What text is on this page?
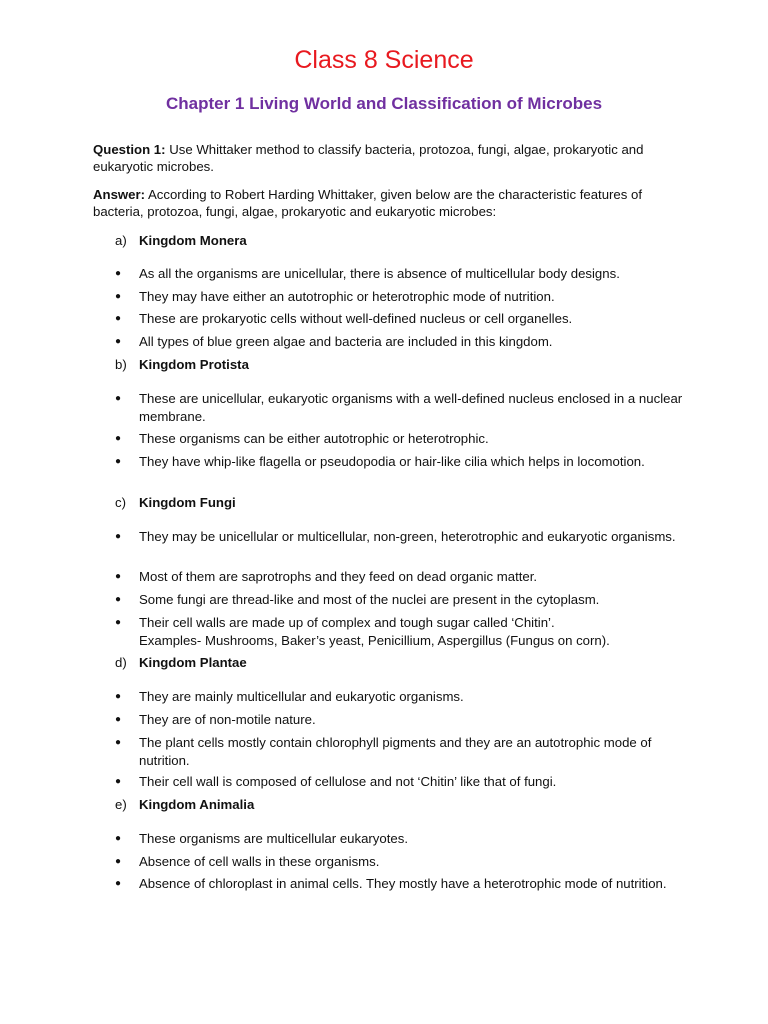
Class 8 Science
Chapter 1 Living World and Classification of Microbes

Question 1: Use Whittaker method to classify bacteria, protozoa, fungi, algae, prokaryotic and eukaryotic microbes.

Answer: According to Robert Harding Whittaker, given below are the characteristic features of bacteria, protozoa, fungi, algae, prokaryotic and eukaryotic microbes:

a) Kingdom Monera
●	As all the organisms are unicellular, there is absence of multicellular body designs.
●	They may have either an autotrophic or heterotrophic mode of nutrition.
●	These are prokaryotic cells without well-defined nucleus or cell organelles.
●	All types of blue green algae and bacteria are included in this kingdom.
b) Kingdom Protista
●	These are unicellular, eukaryotic organisms with a well-defined nucleus enclosed in a nuclear membrane.
●	These organisms can be either autotrophic or heterotrophic.
●	They have whip-like flagella or pseudopodia or hair-like cilia which helps in locomotion.
c) Kingdom Fungi
●	They may be unicellular or multicellular, non-green, heterotrophic and eukaryotic organisms.
●	Most of them are saprotrophs and they feed on dead organic matter.
●	Some fungi are thread-like and most of the nuclei are present in the cytoplasm.
●	Their cell walls are made up of complex and tough sugar called ‘Chitin’.
Examples- Mushrooms, Baker’s yeast, Penicillium, Aspergillus (Fungus on corn).
d) Kingdom Plantae
●	They are mainly multicellular and eukaryotic organisms.
●	They are of non-motile nature.
●	The plant cells mostly contain chlorophyll pigments and they are an autotrophic mode of nutrition.
●	Their cell wall is composed of cellulose and not ‘Chitin’ like that of fungi.
e) Kingdom Animalia
●	These organisms are multicellular eukaryotes.
●	Absence of cell walls in these organisms.
●	Absence of chloroplast in animal cells. They mostly have a heterotrophic mode of nutrition.
